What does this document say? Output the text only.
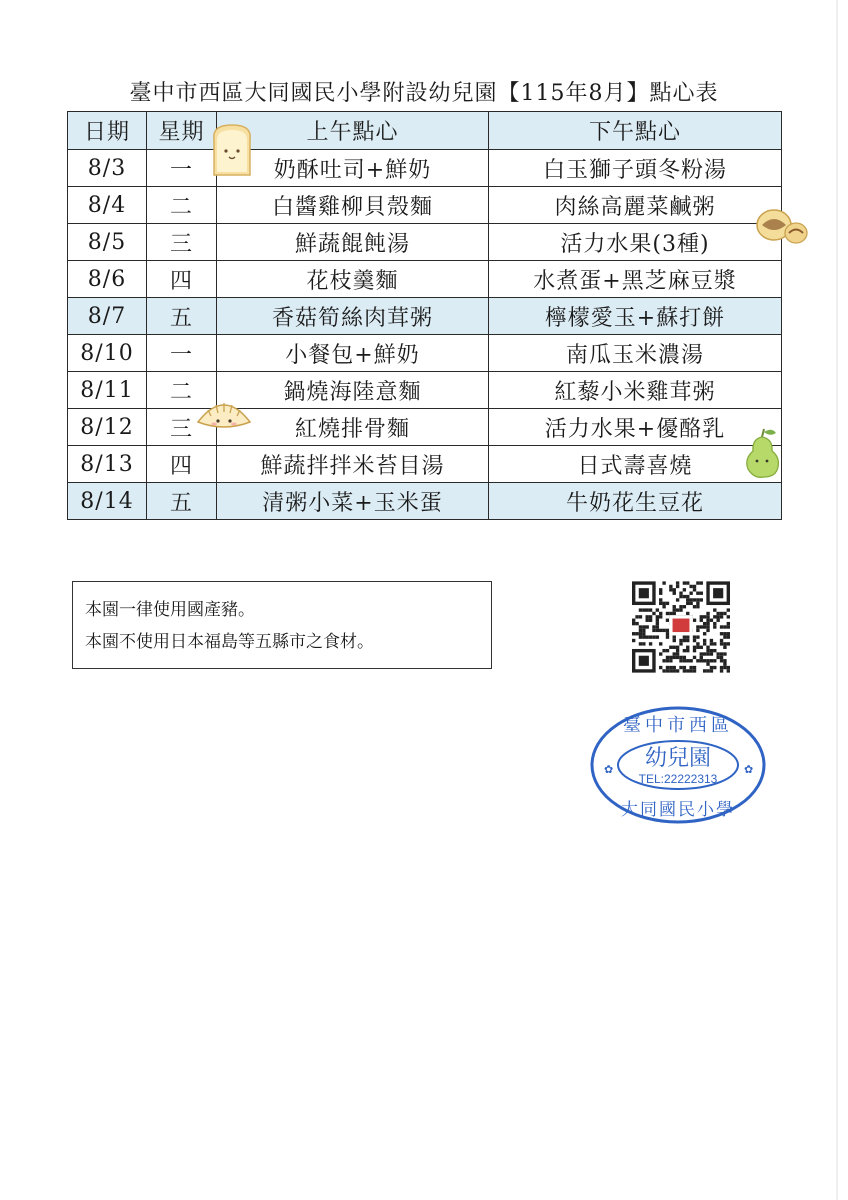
臺中市西區大同國民小學附設幼兒園【115年8月】點心表
日期	星期	上午點心	下午點心
8/3	一	奶酥吐司+鮮奶	白玉獅子頭冬粉湯
8/4	二	白醬雞柳貝殼麵	肉絲高麗菜鹹粥
8/5	三	鮮蔬餛飩湯	活力水果(3種)
8/6	四	花枝羹麵	水煮蛋+黑芝麻豆漿
8/7	五	香菇筍絲肉茸粥	檸檬愛玉+蘇打餅
8/10	一	小餐包+鮮奶	南瓜玉米濃湯
8/11	二	鍋燒海陸意麵	紅藜小米雞茸粥
8/12	三	紅燒排骨麵	活力水果+優酪乳
8/13	四	鮮蔬拌拌米苔目湯	日式壽喜燒
8/14	五	清粥小菜+玉米蛋	牛奶花生豆花
本園一律使用國產豬。
本園不使用日本福島等五縣市之食材。
臺中市西區
幼兒園
TEL:22222313
大同國民小學
✿	✿
